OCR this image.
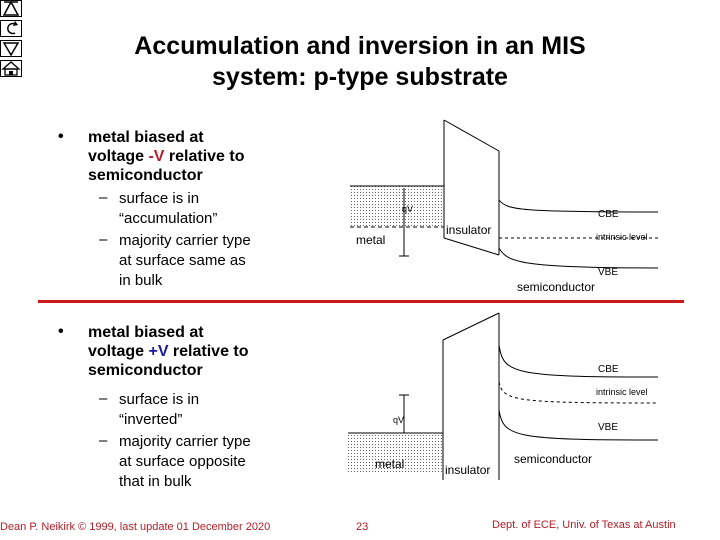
Accumulation and inversion in an MIS
system: p-type substrate
• metal biased at
voltage -V relative to
semiconductor
– surface is in
“accumulation”
– majority carrier type
at surface same as
in bulk
• metal biased at
voltage +V relative to
semiconductor
– surface is in
“inverted”
– majority carrier type
at surface opposite
that in bulk
qV
metal
insulator
semiconductor
CBE
intrinsic level
VBE
qV
metal	insulator
semiconductor
CBE
intrinsic level
VBE
Dean P. Neikirk © 1999, last update 01 December 2020	23	Dept. of ECE, Univ. of Texas at Austin
